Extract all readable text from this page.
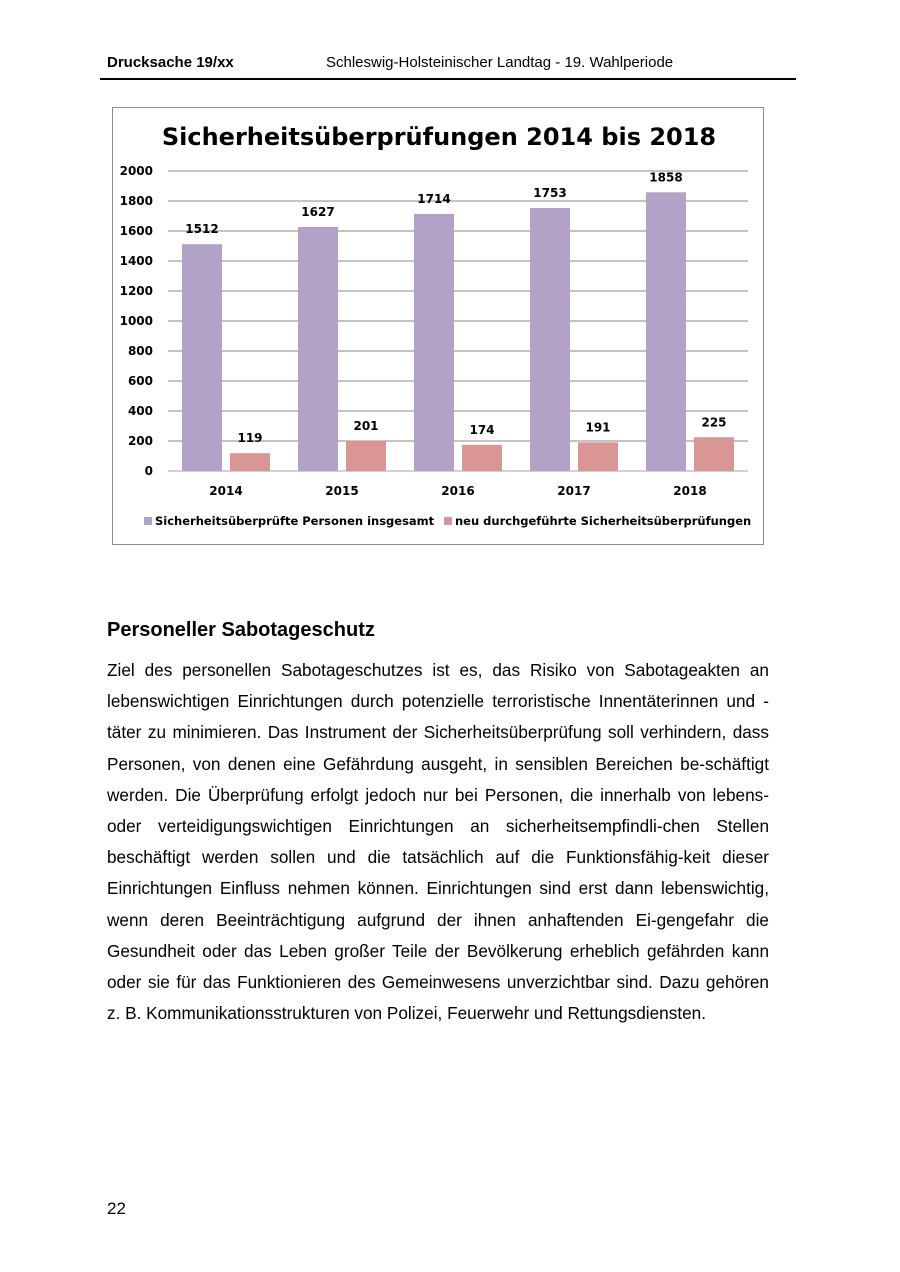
Drucksache 19/xx	Schleswig-Holsteinischer Landtag - 19. Wahlperiode
Sicherheitsüberprüfungen 2014 bis 2018
0
200
400
600
800
1000
1200
1400
1600
1800
2000
1512
119
2014
1627
201
2015
1714
174
2016
1753
191
2017
1858
225
2018
Sicherheitsüberprüfte Personen insgesamt neu durchgeführte Sicherheitsüberprüfungen
Personeller Sabotageschutz

Ziel des personellen Sabotageschutzes ist es, das Risiko von Sabotageakten an lebenswichtigen Einrichtungen durch potenzielle terroristische Innentäterinnen und -täter zu minimieren. Das Instrument der Sicherheitsüberprüfung soll verhindern, dass Personen, von denen eine Gefährdung ausgeht, in sensiblen Bereichen be-schäftigt werden. Die Überprüfung erfolgt jedoch nur bei Personen, die innerhalb von lebens- oder verteidigungswichtigen Einrichtungen an sicherheitsempfindli-chen Stellen beschäftigt werden sollen und die tatsächlich auf die Funktionsfähig-keit dieser Einrichtungen Einfluss nehmen können. Einrichtungen sind erst dann lebenswichtig, wenn deren Beeinträchtigung aufgrund der ihnen anhaftenden Ei-gengefahr die Gesundheit oder das Leben großer Teile der Bevölkerung erheblich gefährden kann oder sie für das Funktionieren des Gemeinwesens unverzichtbar sind. Dazu gehören z. B. Kommunikationsstrukturen von Polizei, Feuerwehr und Rettungsdiensten.

22
